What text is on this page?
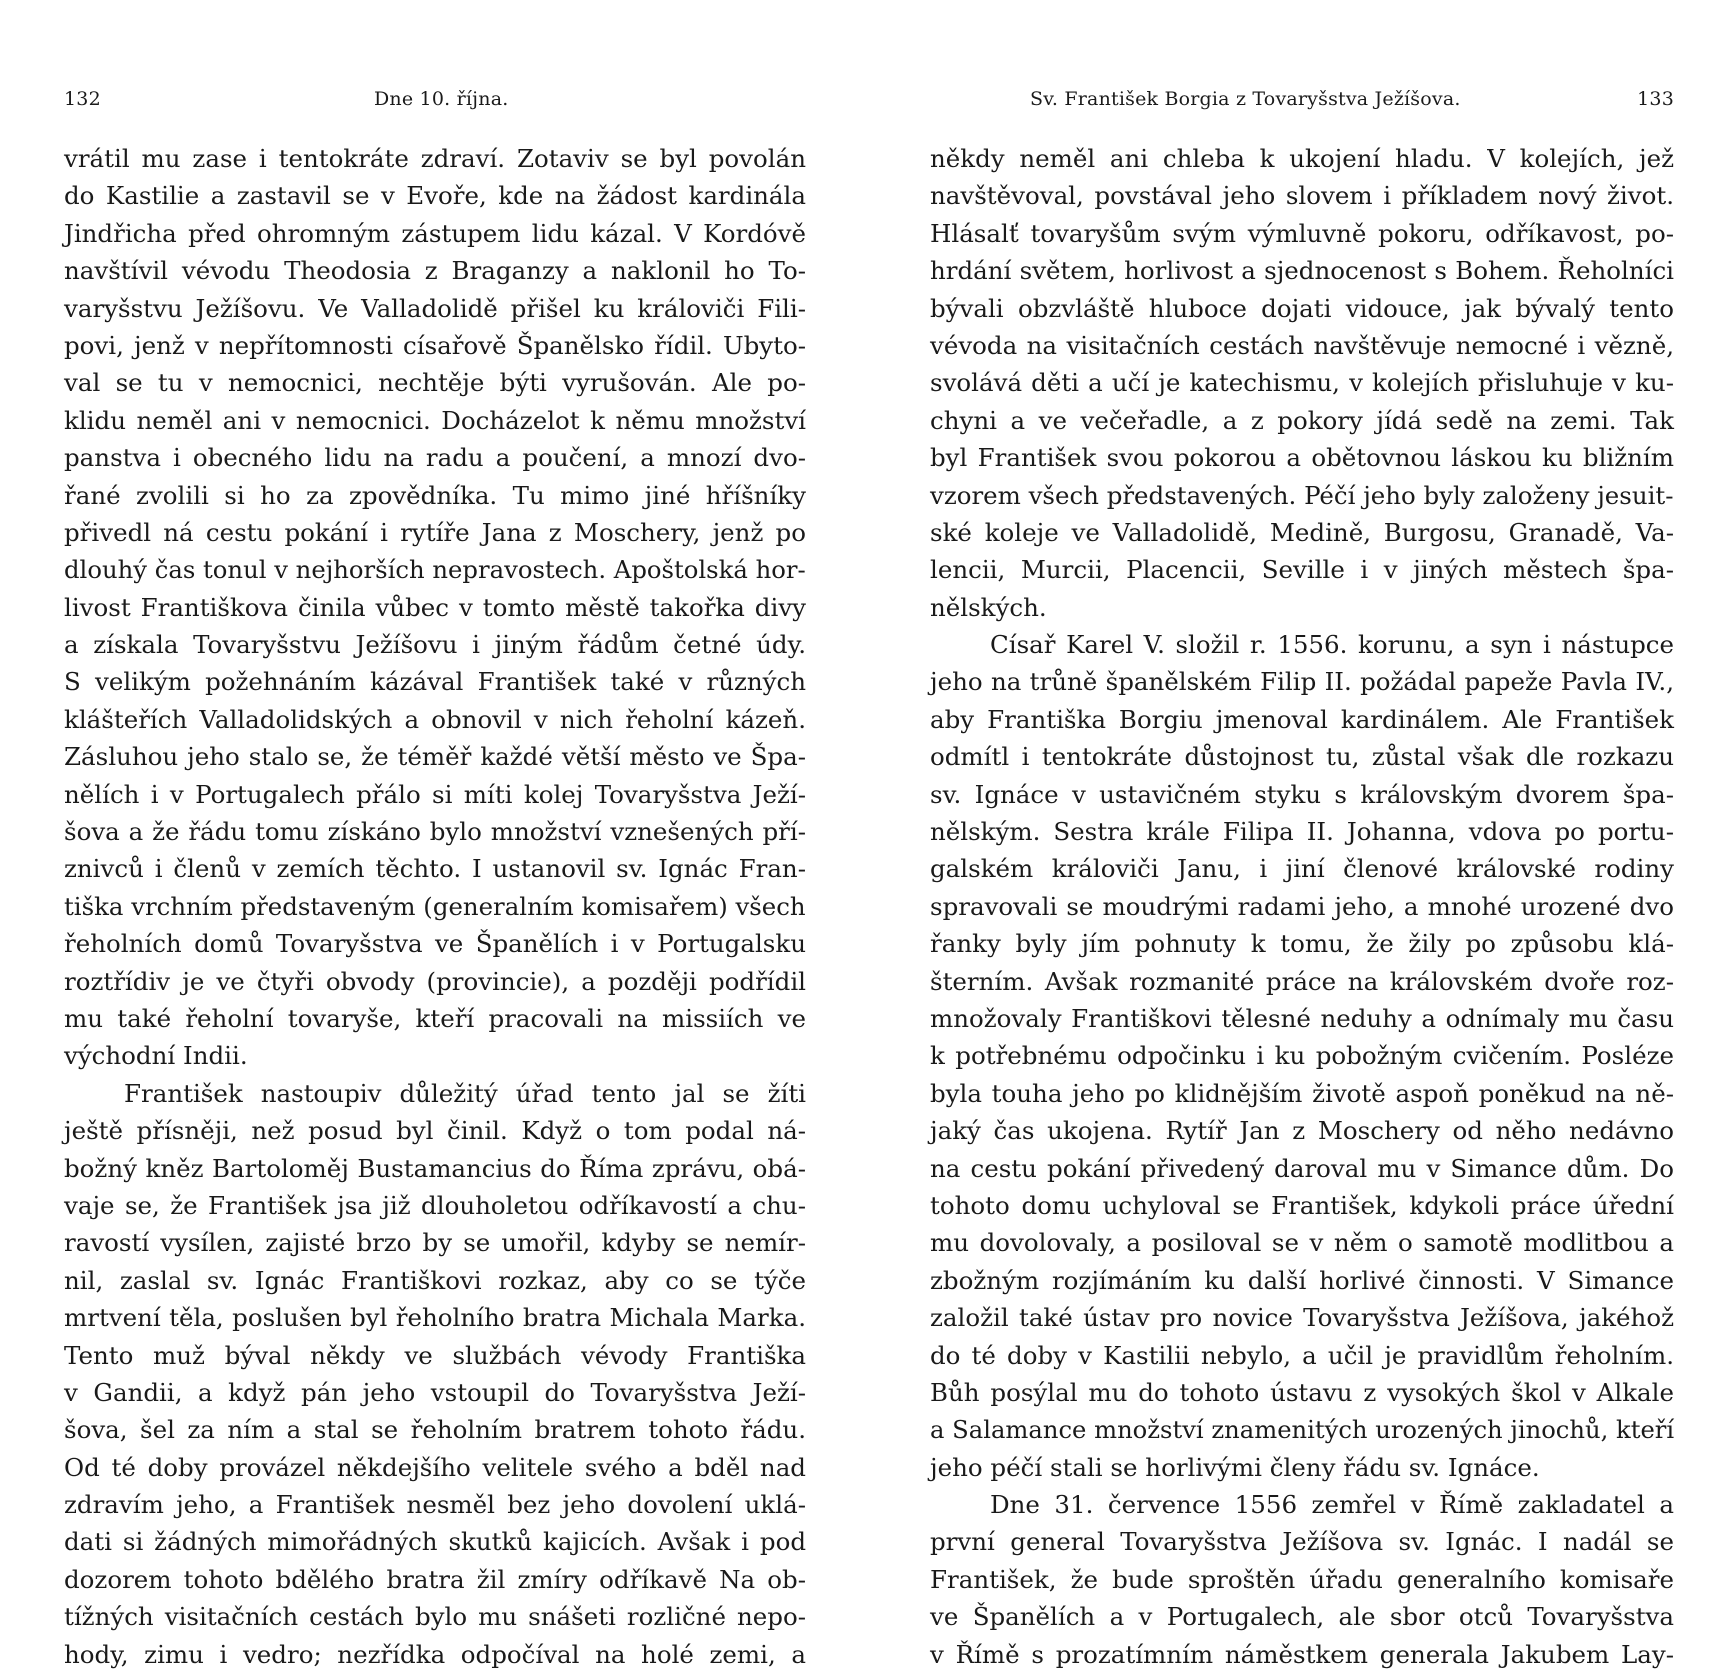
132	Dne 10. října.
vrátil mu zase i tentokráte zdraví. Zotaviv se byl povolán
do Kastilie a zastavil se v Evoře, kde na žádost kardinála
Jindřicha před ohromným zástupem lidu kázal. V Kordóvě
navštívil vévodu Theodosia z Braganzy a naklonil ho To-
varyšstvu Ježíšovu. Ve Valladolidě přišel ku královiči Fili-
povi, jenž v nepřítomnosti císařově Španělsko řídil. Ubyto-
val se tu v nemocnici, nechtěje býti vyrušován. Ale po-
klidu neměl ani v nemocnici. Docházelot k němu množství
panstva i obecného lidu na radu a poučení, a mnozí dvo-
řané zvolili si ho za zpovědníka. Tu mimo jiné hříšníky
přivedl ná cestu pokání i rytíře Jana z Moschery, jenž po
dlouhý čas tonul v nejhorších nepravostech. Apoštolská hor-
livost Františkova činila vůbec v tomto městě takořka divy
a získala Tovaryšstvu Ježíšovu i jiným řádům četné údy.
S velikým požehnáním kázával František také v různých
klášteřích Valladolidských a obnovil v nich řeholní kázeň.
Zásluhou jeho stalo se, že téměř každé větší město ve Špa-
nělích i v Portugalech přálo si míti kolej Tovaryšstva Ježí-
šova a že řádu tomu získáno bylo množství vznešených pří-
znivců i členů v zemích těchto. I ustanovil sv. Ignác Fran-
tiška vrchním představeným (generalním komisařem) všech
řeholních domů Tovaryšstva ve Španělích i v Portugalsku
roztřídiv je ve čtyři obvody (provincie), a později podřídil
mu také řeholní tovaryše, kteří pracovali na missiích ve
východní Indii.
František nastoupiv důležitý úřad tento jal se žíti
ještě přísněji, než posud byl činil. Když o tom podal ná-
božný kněz Bartoloměj Bustamancius do Říma zprávu, obá-
vaje se, že František jsa již dlouholetou odříkavostí a chu-
ravostí vysílen, zajisté brzo by se umořil, kdyby se nemír-
nil, zaslal sv. Ignác Františkovi rozkaz, aby co se týče
mrtvení těla, poslušen byl řeholního bratra Michala Marka.
Tento muž býval někdy ve službách vévody Františka
v Gandii, a když pán jeho vstoupil do Tovaryšstva Ježí-
šova, šel za ním a stal se řeholním bratrem tohoto řádu.
Od té doby provázel někdejšího velitele svého a bděl nad
zdravím jeho, a František nesměl bez jeho dovolení uklá-
dati si žádných mimořádných skutků kajicích. Avšak i pod
dozorem tohoto bdělého bratra žil zmíry odříkavě Na ob-
tížných visitačních cestách bylo mu snášeti rozličné nepo-
hody, zimu i vedro; nezřídka odpočíval na holé zemi, a
Sv. František Borgia z Tovaryšstva Ježíšova.	133
někdy neměl ani chleba k ukojení hladu. V kolejích, jež
navštěvoval, povstával jeho slovem i příkladem nový život.
Hlásalť tovaryšům svým výmluvně pokoru, odříkavost, po-
hrdání světem, horlivost a sjednocenost s Bohem. Řeholníci
bývali obzvláště hluboce dojati vidouce, jak bývalý tento
vévoda na visitačních cestách navštěvuje nemocné i vězně,
svolává děti a učí je katechismu, v kolejích přisluhuje v ku-
chyni a ve večeřadle, a z pokory jídá sedě na zemi. Tak
byl František svou pokorou a obětovnou láskou ku bližním
vzorem všech představených. Péčí jeho byly založeny jesuit-
ské koleje ve Valladolidě, Medině, Burgosu, Granadě, Va-
lencii, Murcii, Placencii, Seville i v jiných městech špa-
nělských.
Císař Karel V. složil r. 1556. korunu, a syn i nástupce
jeho na trůně španělském Filip II. požádal papeže Pavla IV.,
aby Františka Borgiu jmenoval kardinálem. Ale František
odmítl i tentokráte důstojnost tu, zůstal však dle rozkazu
sv. Ignáce v ustavičném styku s královským dvorem špa-
nělským. Sestra krále Filipa II. Johanna, vdova po portu-
galském královiči Janu, i jiní členové královské rodiny
spravovali se moudrými radami jeho, a mnohé urozené dvo
řanky byly jím pohnuty k tomu, že žily po způsobu klá-
šterním. Avšak rozmanité práce na královském dvoře roz-
množovaly Františkovi tělesné neduhy a odnímaly mu času
k potřebnému odpočinku i ku pobožným cvičením. Posléze
byla touha jeho po klidnějším životě aspoň poněkud na ně-
jaký čas ukojena. Rytíř Jan z Moschery od něho nedávno
na cestu pokání přivedený daroval mu v Simance dům. Do
tohoto domu uchyloval se František, kdykoli práce úřední
mu dovolovaly, a posiloval se v něm o samotě modlitbou a
zbožným rozjímáním ku další horlivé činnosti. V Simance
založil také ústav pro novice Tovaryšstva Ježíšova, jakéhož
do té doby v Kastilii nebylo, a učil je pravidlům řeholním.
Bůh posýlal mu do tohoto ústavu z vysokých škol v Alkale
a Salamance množství znamenitých urozených jinochů, kteří
jeho péčí stali se horlivými členy řádu sv. Ignáce.
Dne 31. července 1556 zemřel v Římě zakladatel a
první general Tovaryšstva Ježíšova sv. Ignác. I nadál se
František, že bude sproštěn úřadu generalního komisaře
ve Španělích a v Portugalech, ale sbor otců Tovaryšstva
v Římě s prozatímním náměstkem generala Jakubem Lay-
